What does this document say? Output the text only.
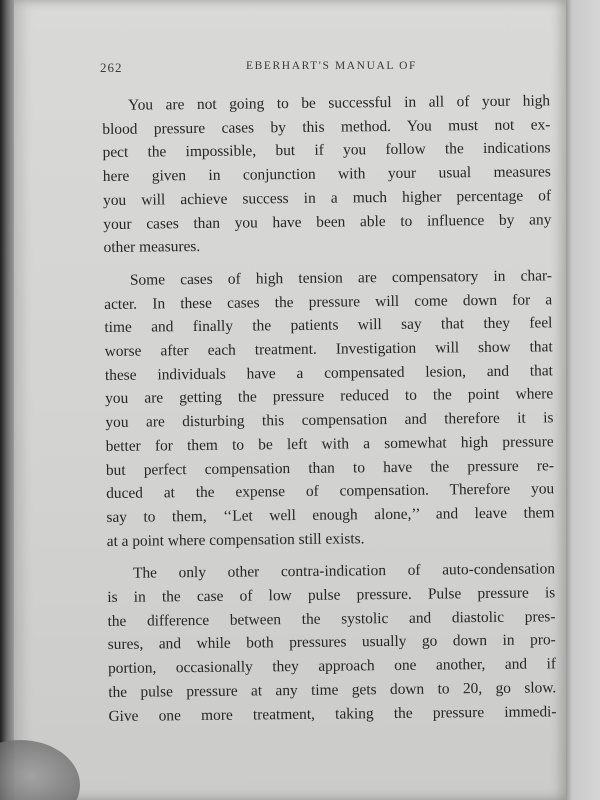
262	EBERHART'S MANUAL OF

You are not going to be successful in all of your high
blood pressure cases by this method. You must not ex-
pect the impossible, but if you follow the indications
here given in conjunction with your usual measures
you will achieve success in a much higher percentage of
your cases than you have been able to influence by any
other measures.

Some cases of high tension are compensatory in char-
acter. In these cases the pressure will come down for a
time and finally the patients will say that they feel
worse after each treatment. Investigation will show that
these individuals have a compensated lesion, and that
you are getting the pressure reduced to the point where
you are disturbing this compensation and therefore it is
better for them to be left with a somewhat high pressure
but perfect compensation than to have the pressure re-
duced at the expense of compensation. Therefore you
say to them, ‘‘Let well enough alone,’’ and leave them
at a point where compensation still exists.

The only other contra-indication of auto-condensation
is in the case of low pulse pressure. Pulse pressure is
the difference between the systolic and diastolic pres-
sures, and while both pressures usually go down in pro-
portion, occasionally they approach one another, and if
the pulse pressure at any time gets down to 20, go slow.
Give one more treatment, taking the pressure immedi-
